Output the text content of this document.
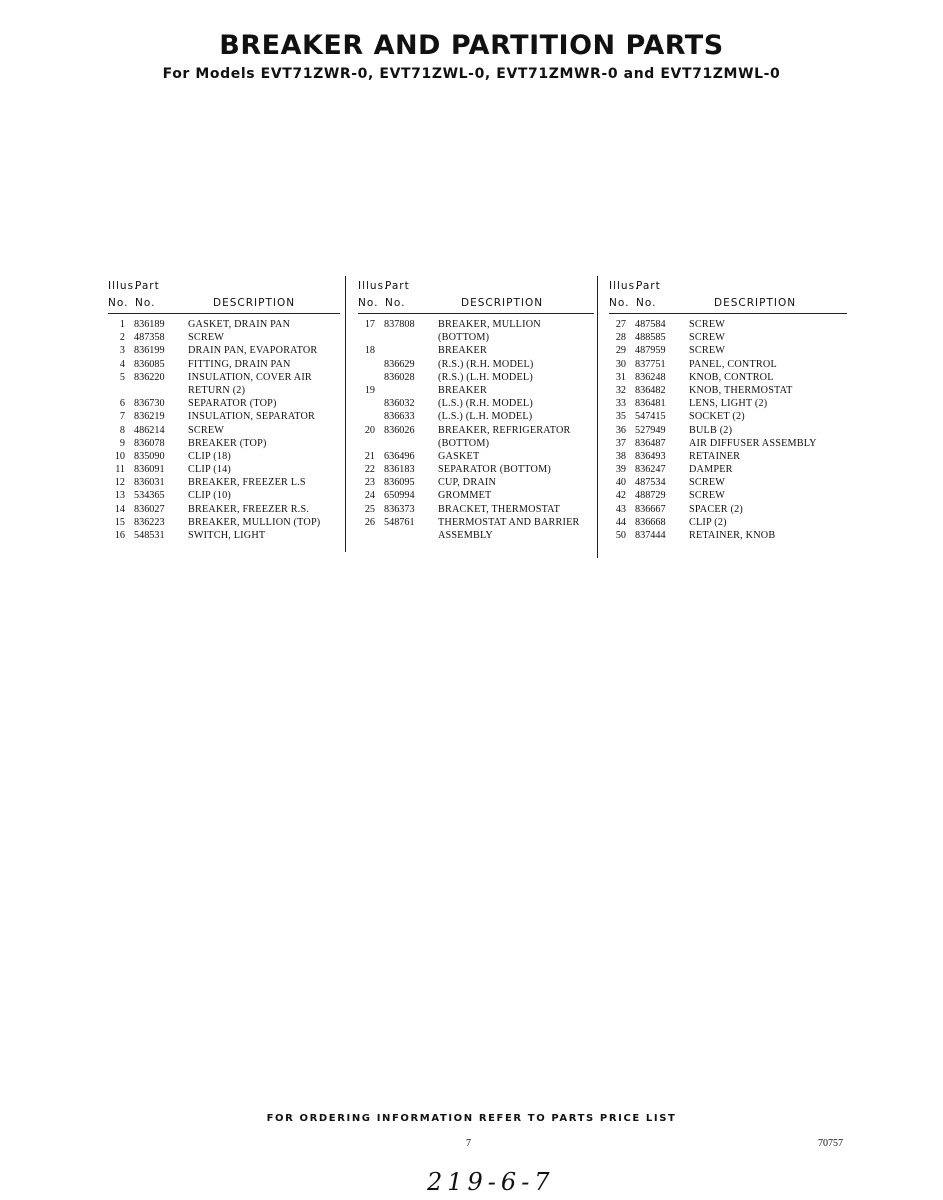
BREAKER AND PARTITION PARTS
For Models EVT71ZWR-0, EVT71ZWL-0, EVT71ZMWR-0 and EVT71ZMWL-0
Illus.
Part
No. No.	DESCRIPTION
1 836189 GASKET, DRAIN PAN
2 487358 SCREW
3 836199 DRAIN PAN, EVAPORATOR
4 836085 FITTING, DRAIN PAN
5 836220 INSULATION, COVER AIR
RETURN (2)
6 836730 SEPARATOR (TOP)
7 836219 INSULATION, SEPARATOR
8 486214 SCREW
9 836078 BREAKER (TOP)
10 835090 CLIP (18)
11 836091 CLIP (14)
12 836031 BREAKER, FREEZER L.S
13 534365 CLIP (10)
14 836027 BREAKER, FREEZER R.S.
15 836223 BREAKER, MULLION (TOP)
16 548531 SWITCH, LIGHT
Illus.
Part
No. No.	DESCRIPTION
17 837808 BREAKER, MULLION
(BOTTOM)
18	BREAKER
836629 (R.S.) (R.H. MODEL)
836028 (R.S.) (L.H. MODEL)
19	BREAKER
836032 (L.S.) (R.H. MODEL)
836633 (L.S.) (L.H. MODEL)
20 836026 BREAKER, REFRIGERATOR
(BOTTOM)
21 636496 GASKET
22 836183 SEPARATOR (BOTTOM)
23 836095 CUP, DRAIN
24 650994 GROMMET
25 836373 BRACKET, THERMOSTAT
26 548761 THERMOSTAT AND BARRIER
ASSEMBLY
Illus.
Part
No. No.	DESCRIPTION
27 487584 SCREW
28 488585 SCREW
29 487959 SCREW
30 837751 PANEL, CONTROL
31 836248 KNOB, CONTROL
32 836482 KNOB, THERMOSTAT
33 836481 LENS, LIGHT (2)
35 547415 SOCKET (2)
36 527949 BULB (2)
37 836487 AIR DIFFUSER ASSEMBLY
38 836493 RETAINER
39 836247 DAMPER
40 487534 SCREW
42 488729 SCREW
43 836667 SPACER (2)
44 836668 CLIP (2)
50 837444 RETAINER, KNOB
FOR ORDERING INFORMATION REFER TO PARTS PRICE LIST
7	70757
219-6-7
